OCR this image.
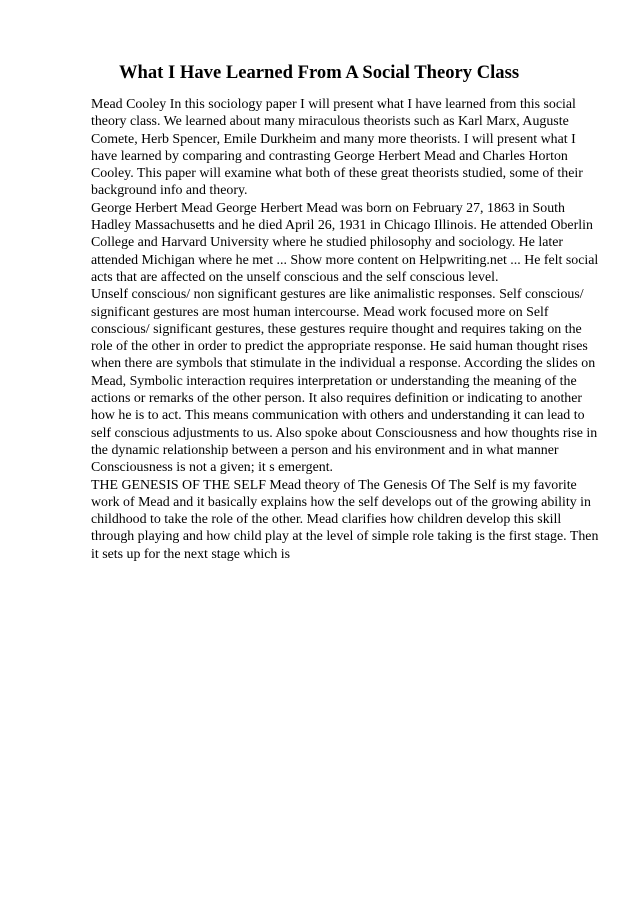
What I Have Learned From A Social Theory Class

Mead Cooley In this sociology paper I will present what I have learned from this social theory class. We learned about many miraculous theorists such as Karl Marx, Auguste Comete, Herb Spencer, Emile Durkheim and many more theorists. I will present what I have learned by comparing and contrasting George Herbert Mead and Charles Horton Cooley. This paper will examine what both of these great theorists studied, some of their background info and theory.

George Herbert Mead George Herbert Mead was born on February 27, 1863 in South Hadley Massachusetts and he died April 26, 1931 in Chicago Illinois. He attended Oberlin College and Harvard University where he studied philosophy and sociology. He later attended Michigan where he met ... Show more content on Helpwriting.net ... He felt social acts that are affected on the unself conscious and the self conscious level.

Unself conscious/ non significant gestures are like animalistic responses. Self conscious/ significant gestures are most human intercourse. Mead work focused more on Self conscious/ significant gestures, these gestures require thought and requires taking on the role of the other in order to predict the appropriate response. He said human thought rises when there are symbols that stimulate in the individual a response. According the slides on Mead, Symbolic interaction requires interpretation or understanding the meaning of the actions or remarks of the other person. It also requires definition or indicating to another how he is to act. This means communication with others and understanding it can lead to self conscious adjustments to us. Also spoke about Consciousness and how thoughts rise in the dynamic relationship between a person and his environment and in what manner Consciousness is not a given; it s emergent.

THE GENESIS OF THE SELF Mead theory of The Genesis Of The Self is my favorite work of Mead and it basically explains how the self develops out of the growing ability in childhood to take the role of the other. Mead clarifies how children develop this skill through playing and how child play at the level of simple role taking is the first stage. Then it sets up for the next stage which is
